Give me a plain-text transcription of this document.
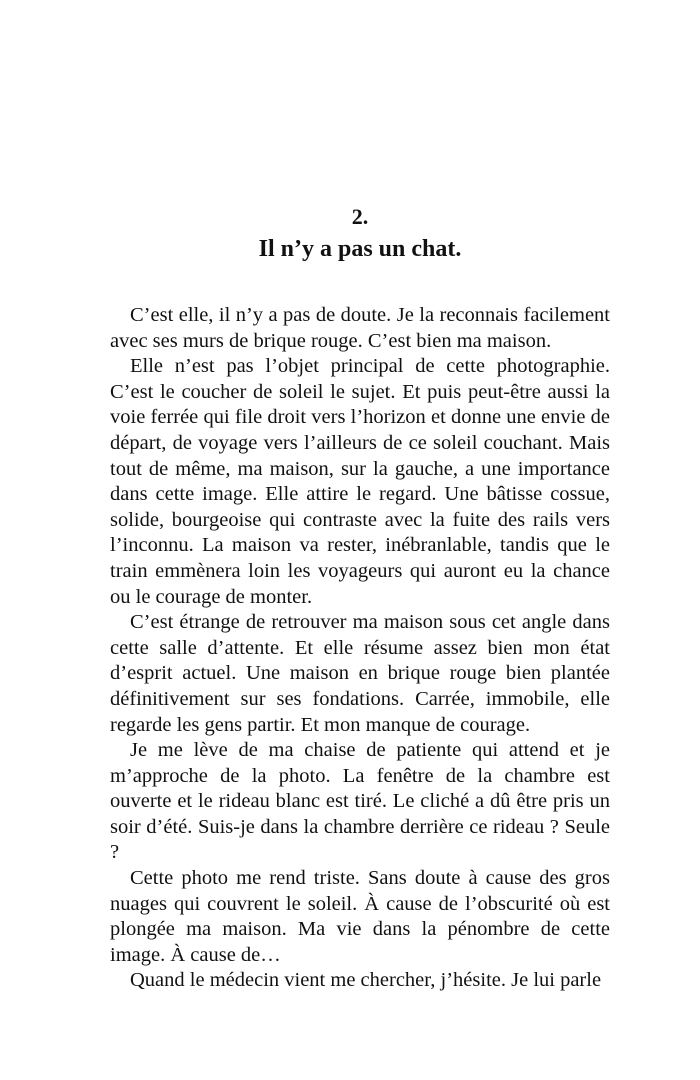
2.
Il n’y a pas un chat.

C’est elle, il n’y a pas de doute. Je la reconnais facilement avec ses murs de brique rouge. C’est bien ma maison.

Elle n’est pas l’objet principal de cette photographie. C’est le coucher de soleil le sujet. Et puis peut-être aussi la voie ferrée qui file droit vers l’horizon et donne une envie de départ, de voyage vers l’ailleurs de ce soleil couchant. Mais tout de même, ma maison, sur la gauche, a une importance dans cette image. Elle attire le regard. Une bâtisse cossue, solide, bourgeoise qui contraste avec la fuite des rails vers l’inconnu. La maison va rester, inébranlable, tandis que le train emmènera loin les voyageurs qui auront eu la chance ou le courage de monter.

C’est étrange de retrouver ma maison sous cet angle dans cette salle d’attente. Et elle résume assez bien mon état d’esprit actuel. Une maison en brique rouge bien plantée définitivement sur ses fondations. Carrée, immobile, elle regarde les gens partir. Et mon manque de courage.

Je me lève de ma chaise de patiente qui attend et je m’approche de la photo. La fenêtre de la chambre est ouverte et le rideau blanc est tiré. Le cliché a dû être pris un soir d’été. Suis-je dans la chambre derrière ce rideau ? Seule ?

Cette photo me rend triste. Sans doute à cause des gros nuages qui couvrent le soleil. À cause de l’obscurité où est plongée ma maison. Ma vie dans la pénombre de cette image. À cause de…

Quand le médecin vient me chercher, j’hésite. Je lui parle
